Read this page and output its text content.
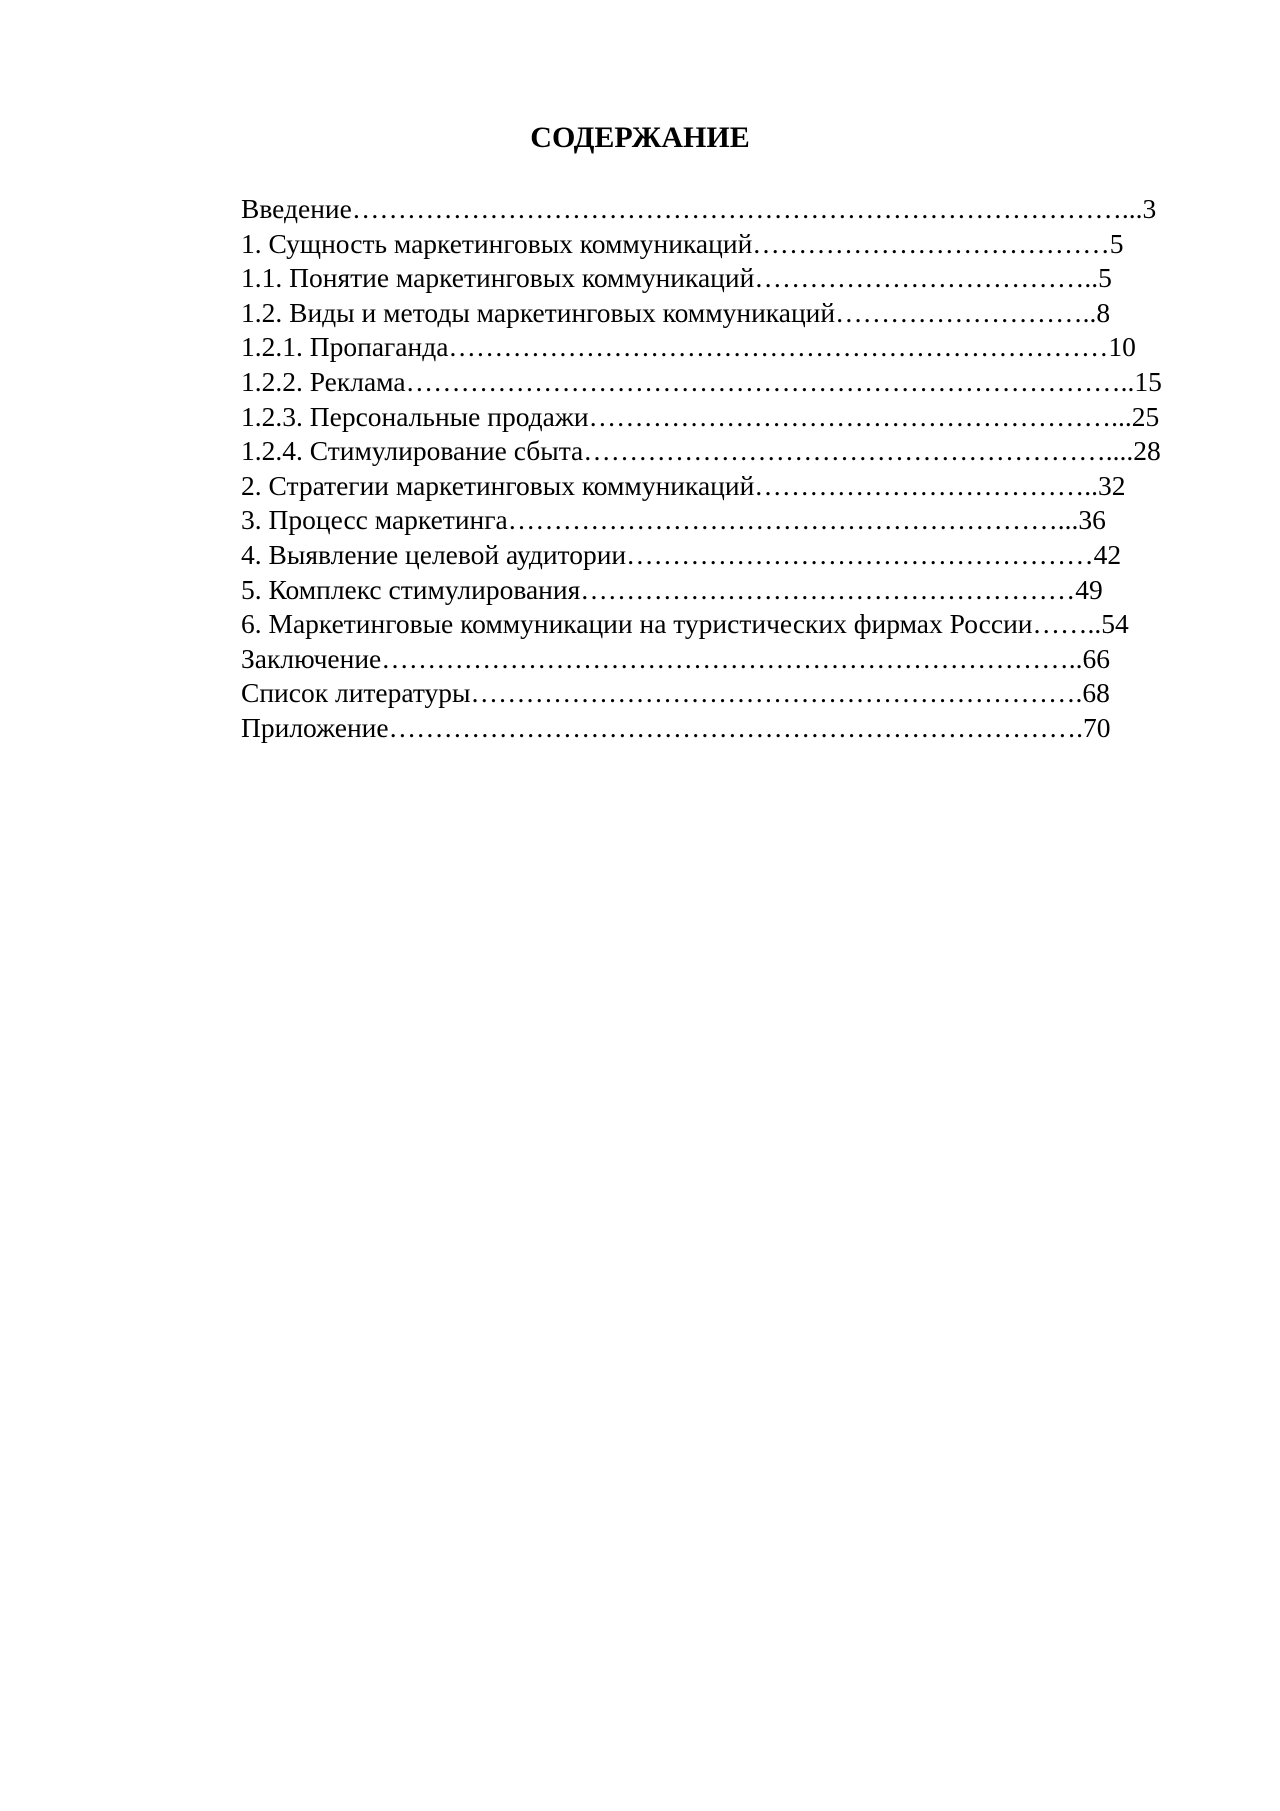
СОДЕРЖАНИЕ
Введение…………………………………………………………………………...3
1. Сущность маркетинговых коммуникаций…………………………………5
1.1. Понятие маркетинговых коммуникаций………………………………..5
1.2. Виды и методы маркетинговых коммуникаций………………………..8
1.2.1. Пропаганда………………………………………………………………10
1.2.2. Реклама……………………………………………………………………..15
1.2.3. Персональные продажи…………………………………………………...25
1.2.4. Стимулирование сбыта…………………………………………………....28
2. Стратегии маркетинговых коммуникаций………………………………..32
3. Процесс маркетинга……………………………………………………...36
4. Выявление целевой аудитории……………………………………………42
5. Комплекс стимулирования………………………………………………49
6. Маркетинговые коммуникации на туристических фирмах России……..54
Заключение…………………………………………………………………..66
Список литературы………………………………………………………….68
Приложение………………………………………………………………….70
